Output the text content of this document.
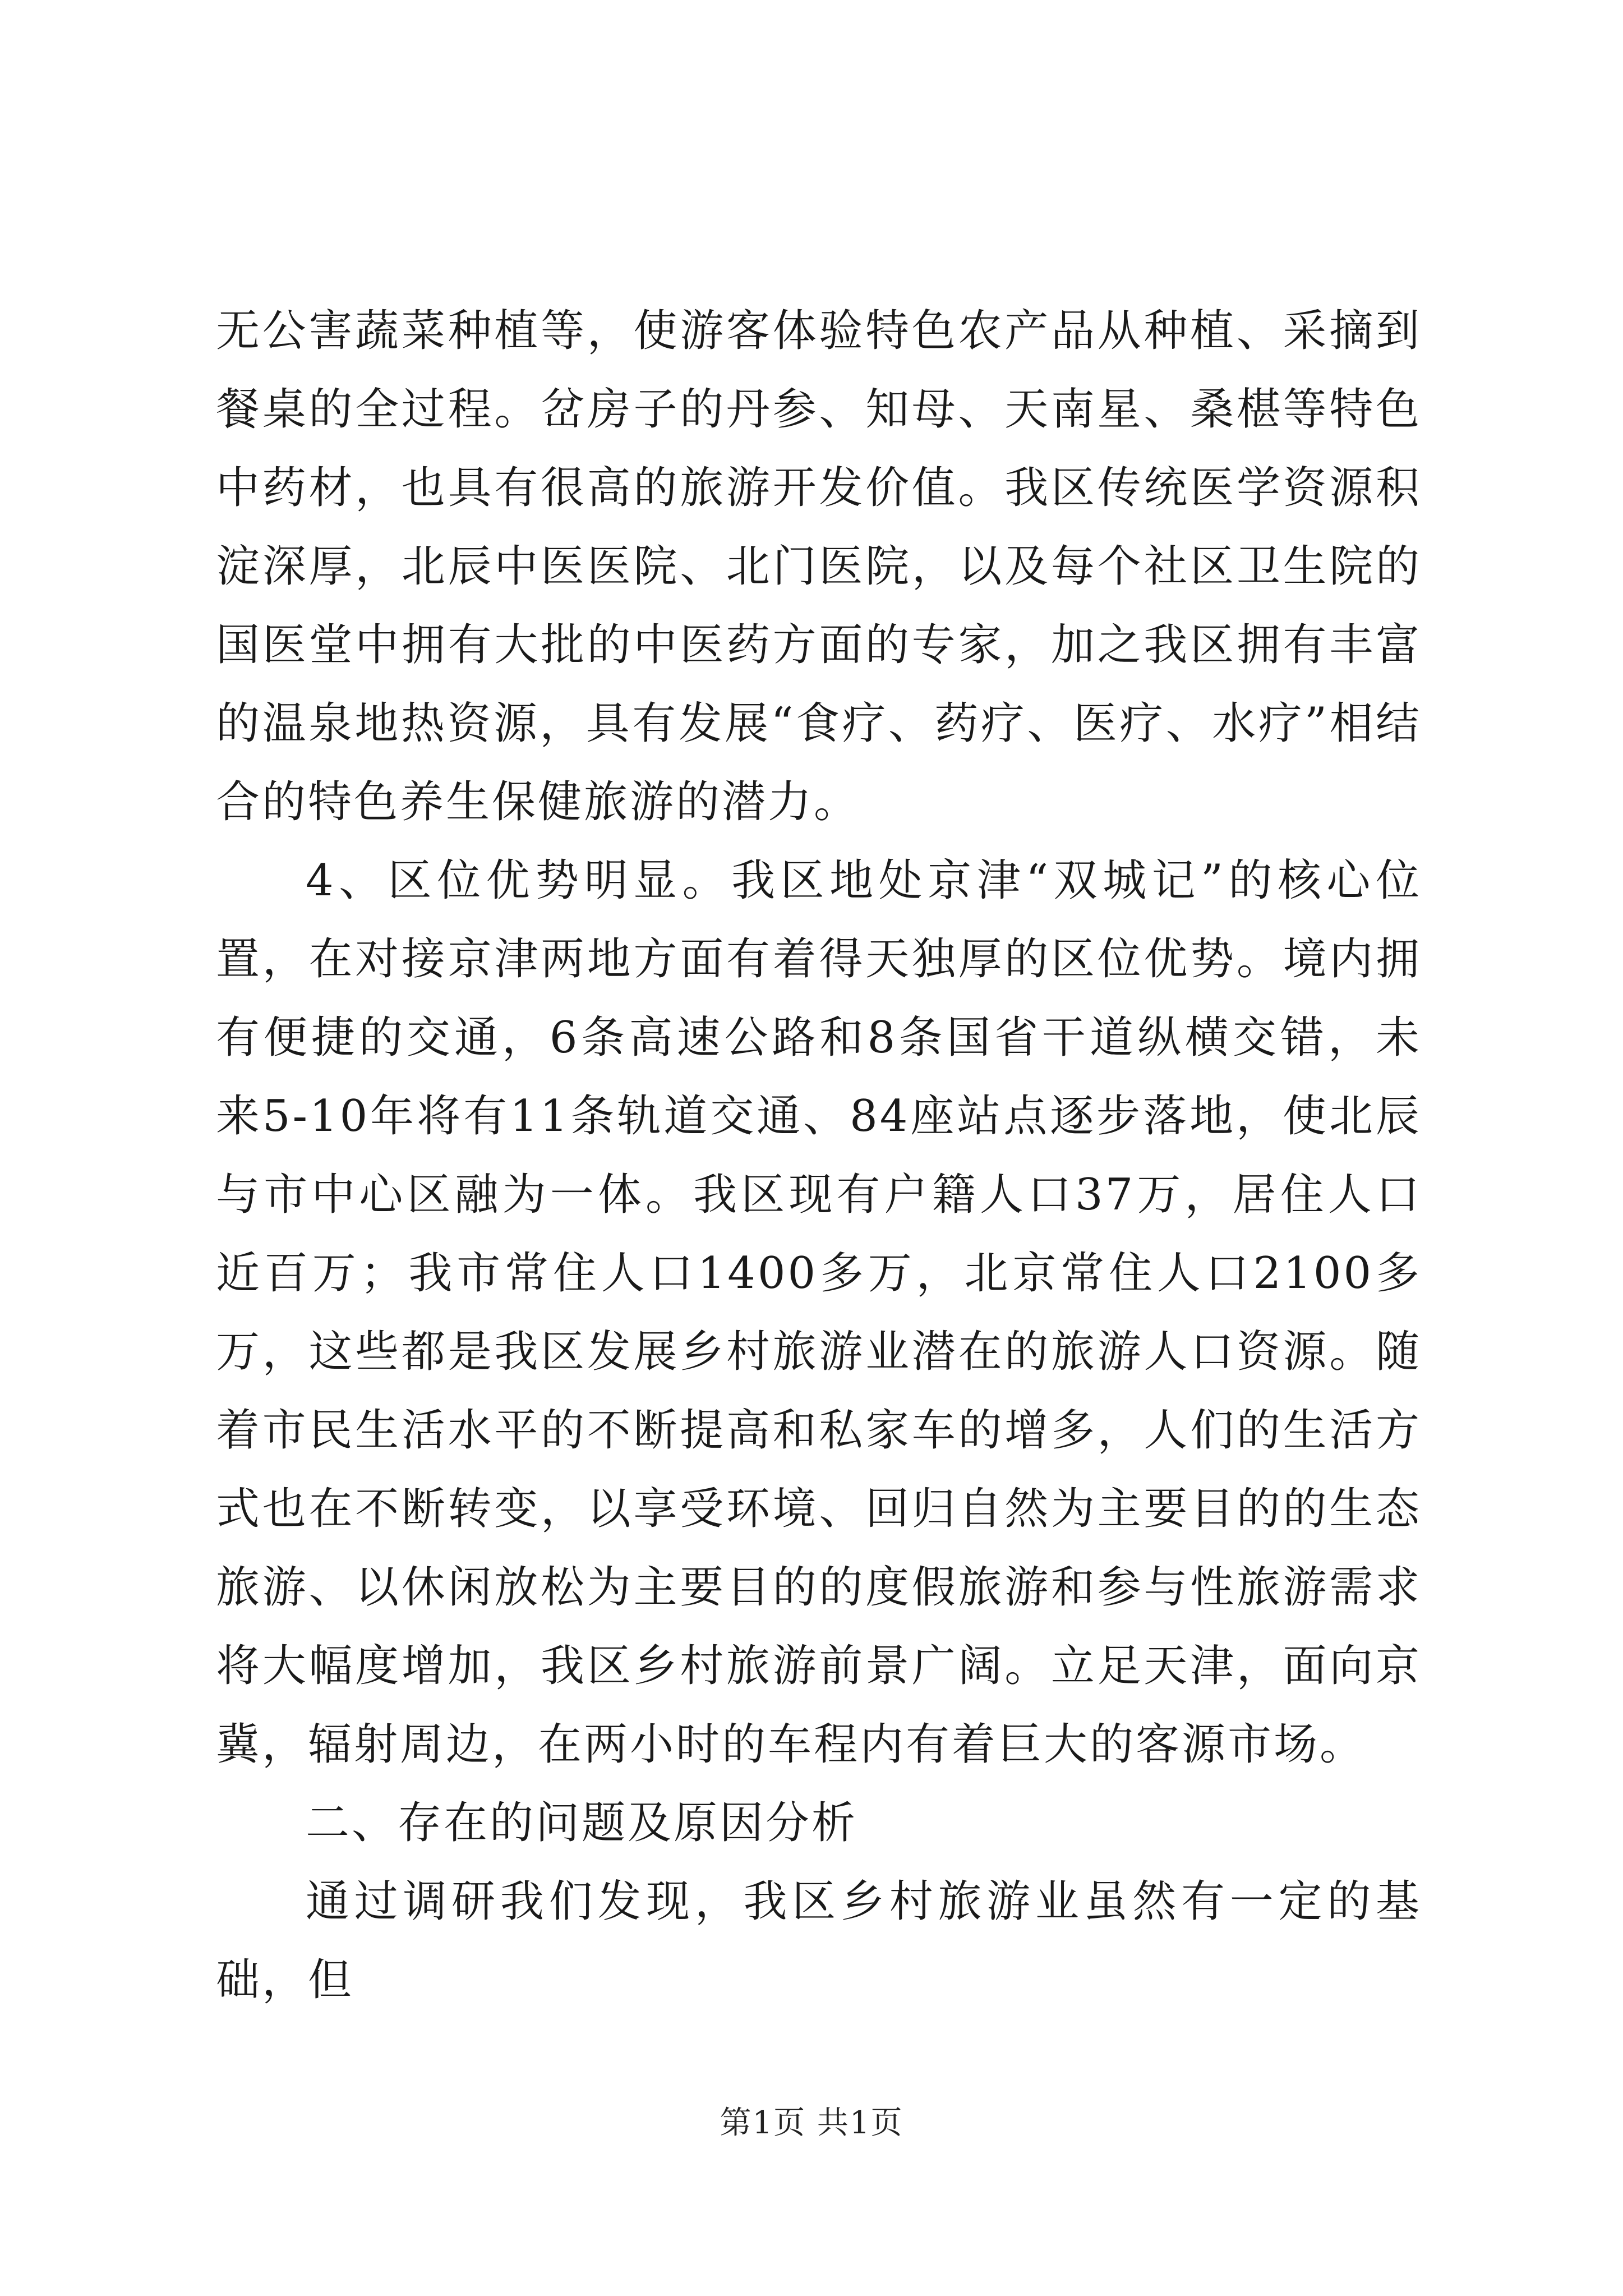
无公害蔬菜种植等，使游客体验特色农产品从种植、采摘到餐桌的全过程。岔房子的丹参、知母、天南星、桑椹等特色中药材，也具有很高的旅游开发价值。我区传统医学资源积淀深厚，北辰中医医院、北门医院，以及每个社区卫生院的国医堂中拥有大批的中医药方面的专家，加之我区拥有丰富的温泉地热资源，具有发展“食疗、药疗、医疗、水疗”相结合的特色养生保健旅游的潜力。

4、区位优势明显。我区地处京津“双城记”的核心位置，在对接京津两地方面有着得天独厚的区位优势。境内拥有便捷的交通，6条高速公路和8条国省干道纵横交错，未来5-10年将有11条轨道交通、84座站点逐步落地，使北辰与市中心区融为一体。我区现有户籍人口37万，居住人口近百万；我市常住人口1400多万，北京常住人口2100多万，这些都是我区发展乡村旅游业潜在的旅游人口资源。随着市民生活水平的不断提高和私家车的增多，人们的生活方式也在不断转变，以享受环境、回归自然为主要目的的生态旅游、以休闲放松为主要目的的度假旅游和参与性旅游需求将大幅度增加，我区乡村旅游前景广阔。立足天津，面向京冀，辐射周边，在两小时的车程内有着巨大的客源市场。

二、存在的问题及原因分析

通过调研我们发现，我区乡村旅游业虽然有一定的基础，但

第1页 共1页
